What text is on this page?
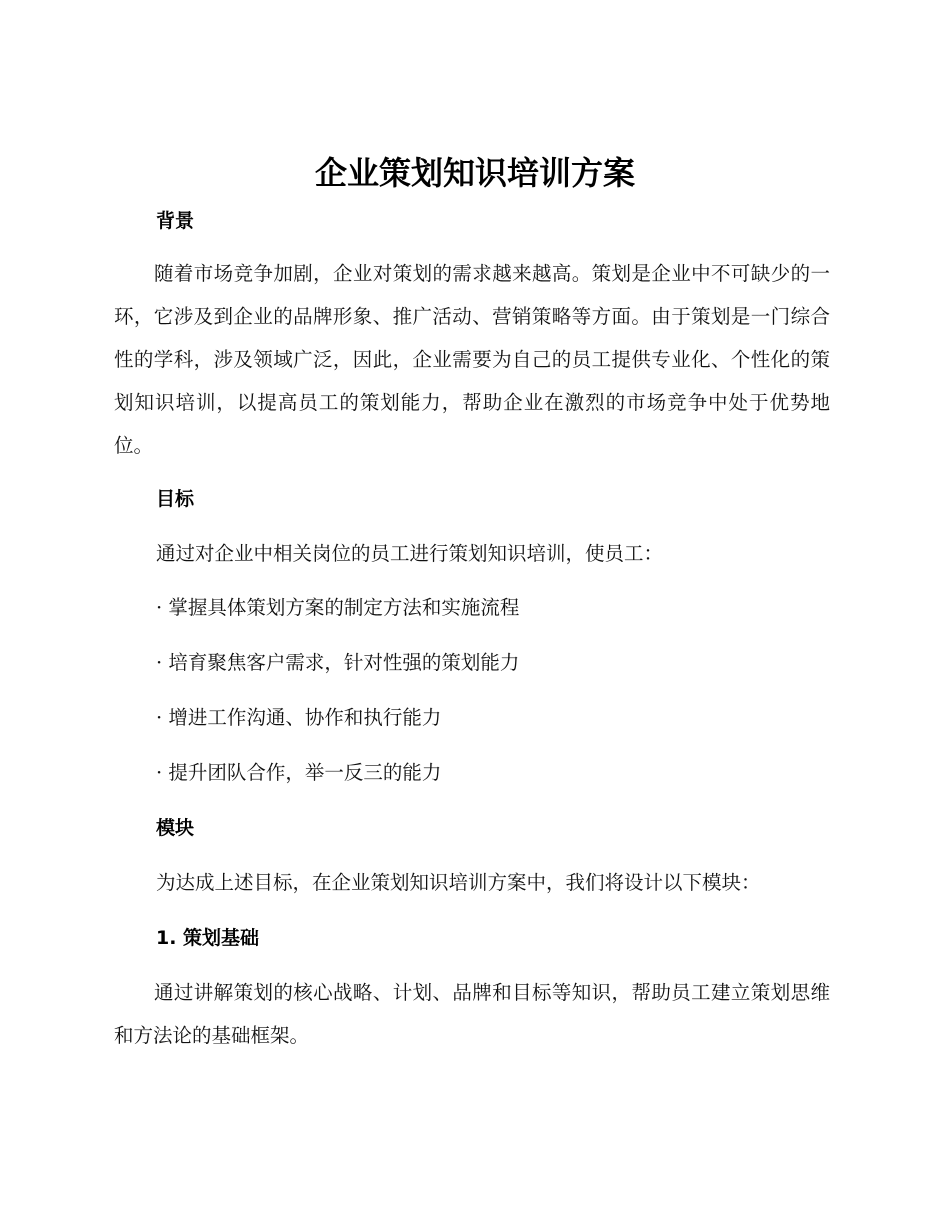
企业策划知识培训方案
背景

随着市场竞争加剧，企业对策划的需求越来越高。策划是企业中不可缺少的一环，它涉及到企业的品牌形象、推广活动、营销策略等方面。由于策划是一门综合性的学科，涉及领域广泛，因此，企业需要为自己的员工提供专业化、个性化的策划知识培训，以提高员工的策划能力，帮助企业在激烈的市场竞争中处于优势地位。

目标

通过对企业中相关岗位的员工进行策划知识培训，使员工：

· 掌握具体策划方案的制定方法和实施流程

· 培育聚焦客户需求，针对性强的策划能力

· 增进工作沟通、协作和执行能力

· 提升团队合作，举一反三的能力

模块

为达成上述目标，在企业策划知识培训方案中，我们将设计以下模块：

1. 策划基础

通过讲解策划的核心战略、计划、品牌和目标等知识，帮助员工建立策划思维和方法论的基础框架。
